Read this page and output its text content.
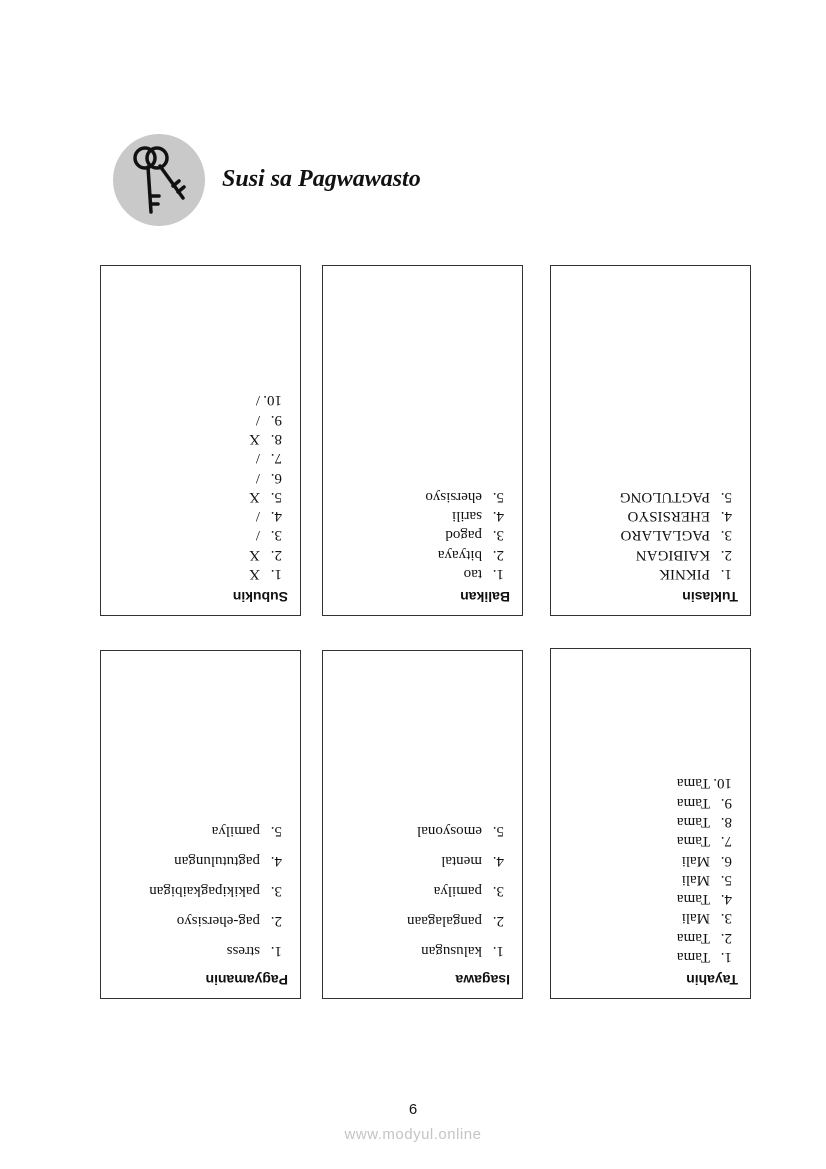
Susi sa Pagwawasto
Tuklasin
1.PIKNIK
2.KAIBIGAN
3.PAGLALARO
4.EHERSISYO
5.PAGTULONG
Balikan
1.tao
2.bityaya
3.pagod
4.sarili
5.ehersisyo
Subukin
1.X
2.X
3./
4./
5.X
6./
7./
8.X
9./
10./
Tayahin
1.Tama
2.Tama
3.Mali
4.Tama
5.Mali
6.Mali
7.Tama
8.Tama
9.Tama
10.Tama
Isagawa
1.kalusugan
2.pangalagaan
3.pamilya
4.mental
5.emosyonal
Pagyamanin
1.stress
2.pag-ehersisyo
3.pakikipagkaibigan
4.pagtutulungan
5.pamilya
6
www.modyul.online
